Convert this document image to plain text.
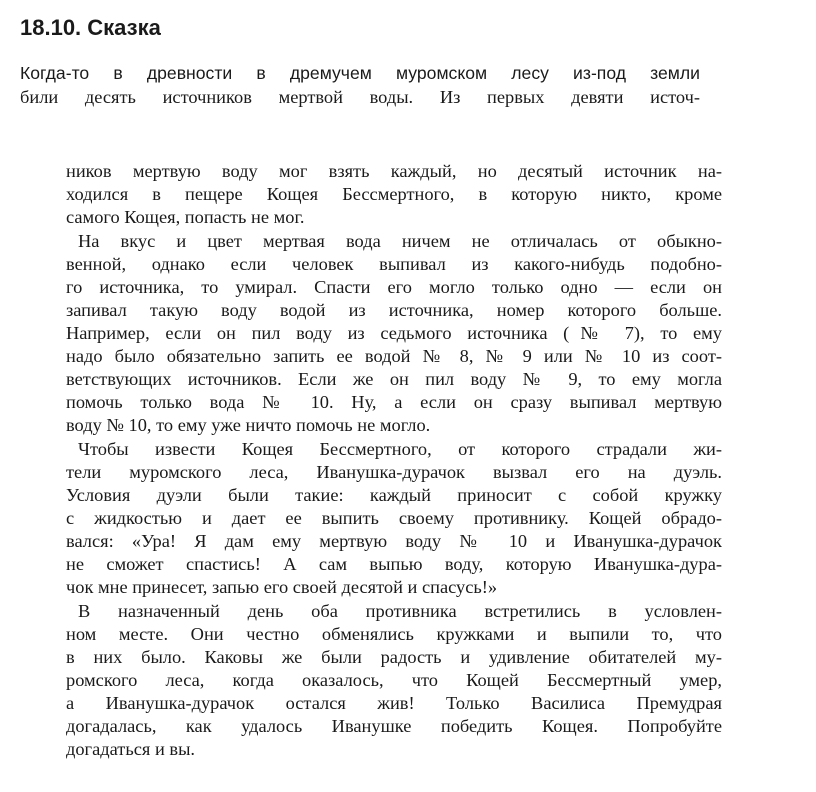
18.10. Сказка
Когда-то в древности в дремучем муромском лесу из-под земли
били десять источников мертвой воды. Из первых девяти источ-
ников мертвую воду мог взять каждый, но десятый источник на-
ходился в пещере Кощея Бессмертного, в которую никто, кроме
самого Кощея, попасть не мог.
На вкус и цвет мертвая вода ничем не отличалась от обыкно-
венной, однако если человек выпивал из какого-нибудь подобно-
го источника, то умирал. Спасти его могло только одно — если он
запивал такую воду водой из источника, номер которого больше.
Например, если он пил воду из седьмого источника (№ 7), то ему
надо было обязательно запить ее водой № 8, № 9 или № 10 из соот-
ветствующих источников. Если же он пил воду № 9, то ему могла
помочь только вода № 10. Ну, а если он сразу выпивал мертвую
воду № 10, то ему уже ничто помочь не могло.
Чтобы извести Кощея Бессмертного, от которого страдали жи-
тели муромского леса, Иванушка-дурачок вызвал его на дуэль.
Условия дуэли были такие: каждый приносит с собой кружку
с жидкостью и дает ее выпить своему противнику. Кощей обрадо-
вался: «Ура! Я дам ему мертвую воду № 10 и Иванушка-дурачок
не сможет спастись! А сам выпью воду, которую Иванушка-дура-
чок мне принесет, запью его своей десятой и спасусь!»
В назначенный день оба противника встретились в условлен-
ном месте. Они честно обменялись кружками и выпили то, что
в них было. Каковы же были радость и удивление обитателей му-
ромского леса, когда оказалось, что Кощей Бессмертный умер,
а Иванушка-дурачок остался жив! Только Василиса Премудрая
догадалась, как удалось Иванушке победить Кощея. Попробуйте
догадаться и вы.
